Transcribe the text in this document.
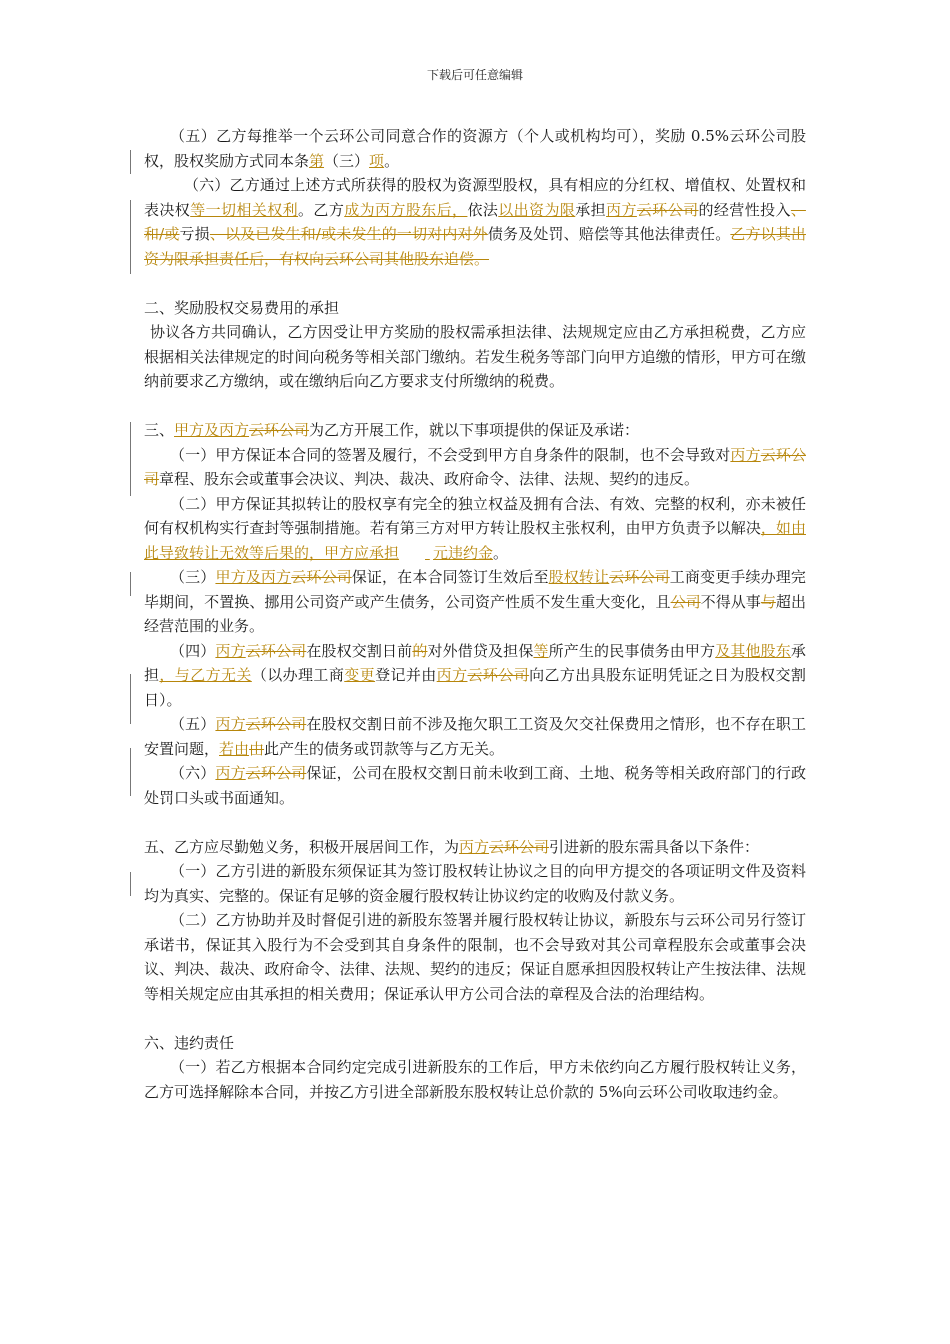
下载后可任意编辑

（五）乙方每推举一个云环公司同意合作的资源方（个人或机构均可），奖励 0.5%云环公司股权，股权奖励方式同本条第（三）项。

（六）乙方通过上述方式所获得的股权为资源型股权，具有相应的分红权、增值权、处置权和表决权等一切相关权利。乙方成为丙方股东后，依法以出资为限承担丙方云环公司的经营性投入、和/或亏损、以及已发生和/或未发生的一切对内对外债务及处罚、赔偿等其他法律责任。乙方以其出资为限承担责任后，有权向云环公司其他股东追偿。

二、奖励股权交易费用的承担

协议各方共同确认，乙方因受让甲方奖励的股权需承担法律、法规规定应由乙方承担税费，乙方应根据相关法律规定的时间向税务等相关部门缴纳。若发生税务等部门向甲方追缴的情形，甲方可在缴纳前要求乙方缴纳，或在缴纳后向乙方要求支付所缴纳的税费。

三、甲方及丙方云环公司为乙方开展工作，就以下事项提供的保证及承诺：

（一）甲方保证本合同的签署及履行，不会受到甲方自身条件的限制，也不会导致对丙方云环公司章程、股东会或董事会决议、判决、裁决、政府命令、法律、法规、契约的违反。

（二）甲方保证其拟转让的股权享有完全的独立权益及拥有合法、有效、完整的权利，亦未被任何有权机构实行查封等强制措施。若有第三方对甲方转让股权主张权利，由甲方负责予以解决，如由此导致转让无效等后果的，甲方应承担 元违约金。

（三）甲方及丙方云环公司保证，在本合同签订生效后至股权转让云环公司工商变更手续办理完毕期间，不置换、挪用公司资产或产生债务，公司资产性质不发生重大变化，且公司不得从事与超出经营范围的业务。

（四）丙方云环公司在股权交割日前的对外借贷及担保等所产生的民事债务由甲方及其他股东承担，与乙方无关（以办理工商变更登记并由丙方云环公司向乙方出具股东证明凭证之日为股权交割日）。

（五）丙方云环公司在股权交割日前不涉及拖欠职工工资及欠交社保费用之情形，也不存在职工安置问题，若由由此产生的债务或罚款等与乙方无关。

（六）丙方云环公司保证，公司在股权交割日前未收到工商、土地、税务等相关政府部门的行政处罚口头或书面通知。

五、乙方应尽勤勉义务，积极开展居间工作，为丙方云环公司引进新的股东需具备以下条件：

（一）乙方引进的新股东须保证其为签订股权转让协议之目的向甲方提交的各项证明文件及资料均为真实、完整的。保证有足够的资金履行股权转让协议约定的收购及付款义务。

（二）乙方协助并及时督促引进的新股东签署并履行股权转让协议，新股东与云环公司另行签订承诺书，保证其入股行为不会受到其自身条件的限制，也不会导致对其公司章程股东会或董事会决议、判决、裁决、政府命令、法律、法规、契约的违反；保证自愿承担因股权转让产生按法律、法规等相关规定应由其承担的相关费用；保证承认甲方公司合法的章程及合法的治理结构。

六、违约责任

（一）若乙方根据本合同约定完成引进新股东的工作后，甲方未依约向乙方履行股权转让义务，乙方可选择解除本合同，并按乙方引进全部新股东股权转让总价款的 5%向云环公司收取违约金。
